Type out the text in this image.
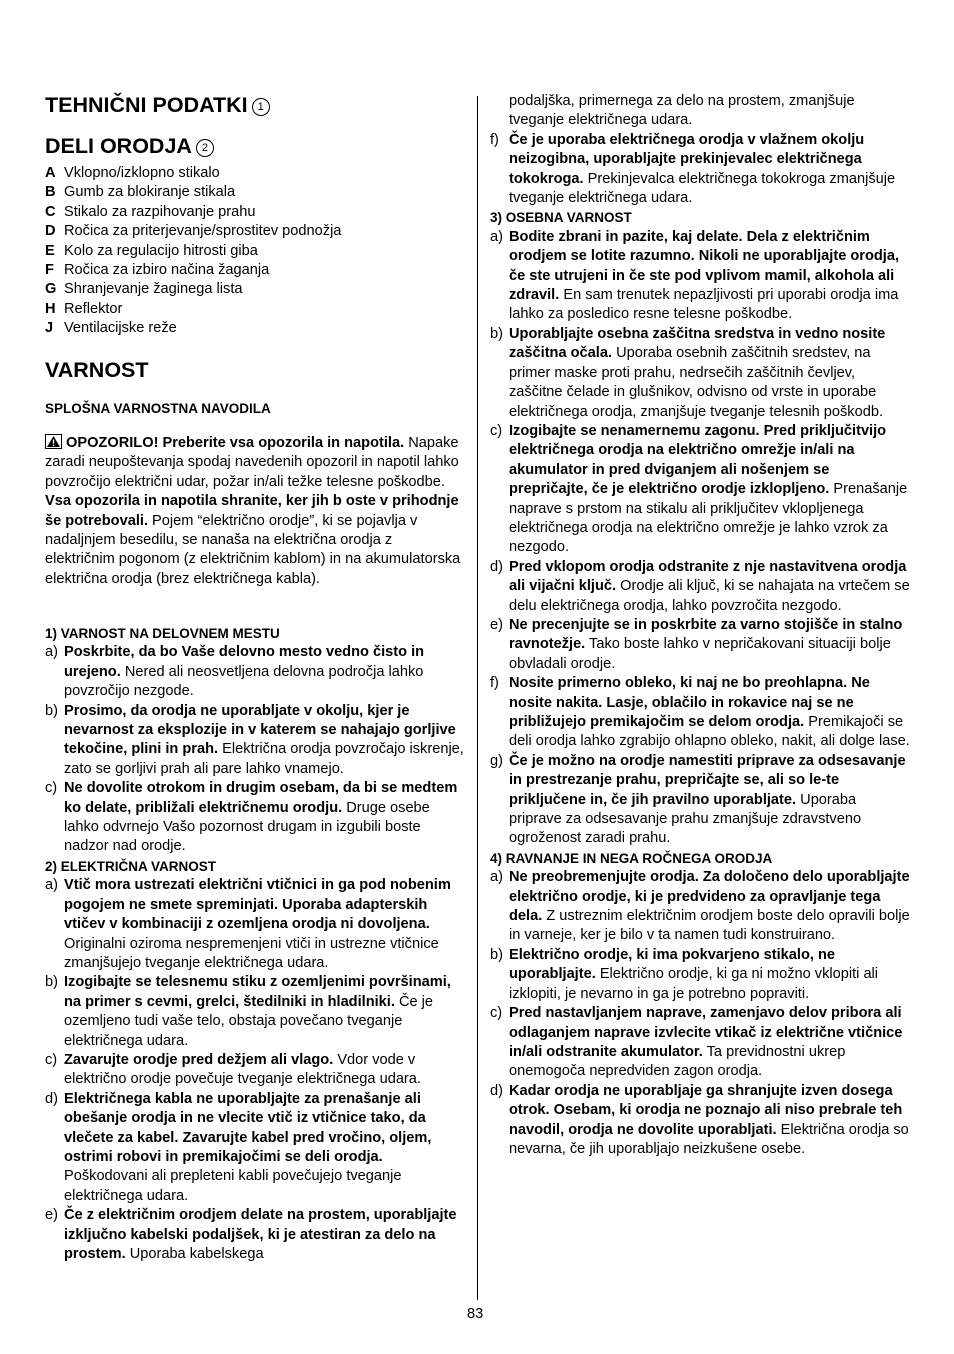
TEHNIČNI PODATKI 1
DELI ORODJA 2
A Vklopno/izklopno stikalo
B Gumb za blokiranje stikala
C Stikalo za razpihovanje prahu
D Ročica za priterjevanje/sprostitev podnožja
E Kolo za regulacijo hitrosti giba
F Ročica za izbiro načina žaganja
G Shranjevanje žaginega lista
H Reflektor
J Ventilacijske reže
VARNOST
SPLOŠNA VARNOSTNA NAVODILA
OPOZORILO! Preberite vsa opozorila in napotila. Napake zaradi neupoštevanja spodaj navedenih opozoril in napotil lahko povzročijo električni udar, požar in/ali težke telesne poškodbe. Vsa opozorila in napotila shranite, ker jih b oste v prihodnje še potrebovali. Pojem “električno orodje”, ki se pojavlja v nadaljnjem besedilu, se nanaša na električna orodja z električnim pogonom (z električnim kablom) in na akumulatorska električna orodja (brez električnega kabla).
1) VARNOST NA DELOVNEM MESTU
a) Poskrbite, da bo Vaše delovno mesto vedno čisto in urejeno. Nered ali neosvetljena delovna področja lahko povzročijo nezgode.
b) Prosimo, da orodja ne uporabljate v okolju, kjer je nevarnost za eksplozije in v katerem se nahajajo gorljive tekočine, plini in prah. Električna orodja povzročajo iskrenje, zato se gorljivi prah ali pare lahko vnamejo.
c) Ne dovolite otrokom in drugim osebam, da bi se medtem ko delate, približali električnemu orodju. Druge osebe lahko odvrnejo Vašo pozornost drugam in izgubili boste nadzor nad orodje.
2) ELEKTRIČNA VARNOST
a) Vtič mora ustrezati električni vtičnici in ga pod nobenim pogojem ne smete spreminjati. Uporaba adapterskih vtičev v kombinaciji z ozemljena orodja ni dovoljena. Originalni oziroma nespremenjeni vtiči in ustrezne vtičnice zmanjšujejo tveganje električnega udara.
b) Izogibajte se telesnemu stiku z ozemljenimi površinami, na primer s cevmi, grelci, štedilniki in hladilniki. Če je ozemljeno tudi vaše telo, obstaja povečano tveganje električnega udara.
c) Zavarujte orodje pred dežjem ali vlago. Vdor vode v električno orodje povečuje tveganje električnega udara.
d) Električnega kabla ne uporabljajte za prenašanje ali obešanje orodja in ne vlecite vtič iz vtičnice tako, da vlečete za kabel. Zavarujte kabel pred vročino, oljem, ostrimi robovi in premikajočimi se deli orodja. Poškodovani ali prepleteni kabli povečujejo tveganje električnega udara.
e) Če z električnim orodjem delate na prostem, uporabljajte izključno kabelski podaljšek, ki je atestiran za delo na prostem. Uporaba kabelskega
podaljška, primernega za delo na prostem, zmanjšuje tveganje električnega udara.
f) Če je uporaba električnega orodja v vlažnem okolju neizogibna, uporabljajte prekinjevalec električnega tokokroga. Prekinjevalca električnega tokokroga zmanjšuje tveganje električnega udara.
3) OSEBNA VARNOST
a) Bodite zbrani in pazite, kaj delate. Dela z električnim orodjem se lotite razumno. Nikoli ne uporabljajte orodja, če ste utrujeni in če ste pod vplivom mamil, alkohola ali zdravil. En sam trenutek nepazljivosti pri uporabi orodja ima lahko za posledico resne telesne poškodbe.
b) Uporabljajte osebna zaščitna sredstva in vedno nosite zaščitna očala. Uporaba osebnih zaščitnih sredstev, na primer maske proti prahu, nedrsečih zaščitnih čevljev, zaščitne čelade in glušnikov, odvisno od vrste in uporabe električnega orodja, zmanjšuje tveganje telesnih poškodb.
c) Izogibajte se nenamernemu zagonu. Pred priključitvijo električnega orodja na električno omrežje in/ali na akumulator in pred dviganjem ali nošenjem se prepričajte, če je električno orodje izklopljeno. Prenašanje naprave s prstom na stikalu ali priključitev vklopljenega električnega orodja na električno omrežje je lahko vzrok za nezgodo.
d) Pred vklopom orodja odstranite z nje nastavitvena orodja ali vijačni ključ. Orodje ali ključ, ki se nahajata na vrtečem se delu električnega orodja, lahko povzročita nezgodo.
e) Ne precenjujte se in poskrbite za varno stojišče in stalno ravnotežje. Tako boste lahko v nepričakovani situaciji bolje obvladali orodje.
f) Nosite primerno obleko, ki naj ne bo preohlapna. Ne nosite nakita. Lasje, oblačilo in rokavice naj se ne približujejo premikajočim se delom orodja. Premikajoči se deli orodja lahko zgrabijo ohlapno obleko, nakit, ali dolge lase.
g) Če je možno na orodje namestiti priprave za odsesavanje in prestrezanje prahu, prepričajte se, ali so le-te priključene in, če jih pravilno uporabljate. Uporaba priprave za odsesavanje prahu zmanjšuje zdravstveno ogroženost zaradi prahu.
4) RAVNANJE IN NEGA ROČNEGA ORODJA
a) Ne preobremenjujte orodja. Za določeno delo uporabljajte električno orodje, ki je predvideno za opravljanje tega dela. Z ustreznim električnim orodjem boste delo opravili bolje in varneje, ker je bilo v ta namen tudi konstruirano.
b) Električno orodje, ki ima pokvarjeno stikalo, ne uporabljajte. Električno orodje, ki ga ni možno vklopiti ali izklopiti, je nevarno in ga je potrebno popraviti.
c) Pred nastavljanjem naprave, zamenjavo delov pribora ali odlaganjem naprave izvlecite vtikač iz električne vtičnice in/ali odstranite akumulator. Ta previdnostni ukrep onemogoča nepredviden zagon orodja.
d) Kadar orodja ne uporabljaje ga shranjujte izven dosega otrok. Osebam, ki orodja ne poznajo ali niso prebrale teh navodil, orodja ne dovolite uporabljati. Električna orodja so nevarna, če jih uporabljajo neizkušene osebe.
83
